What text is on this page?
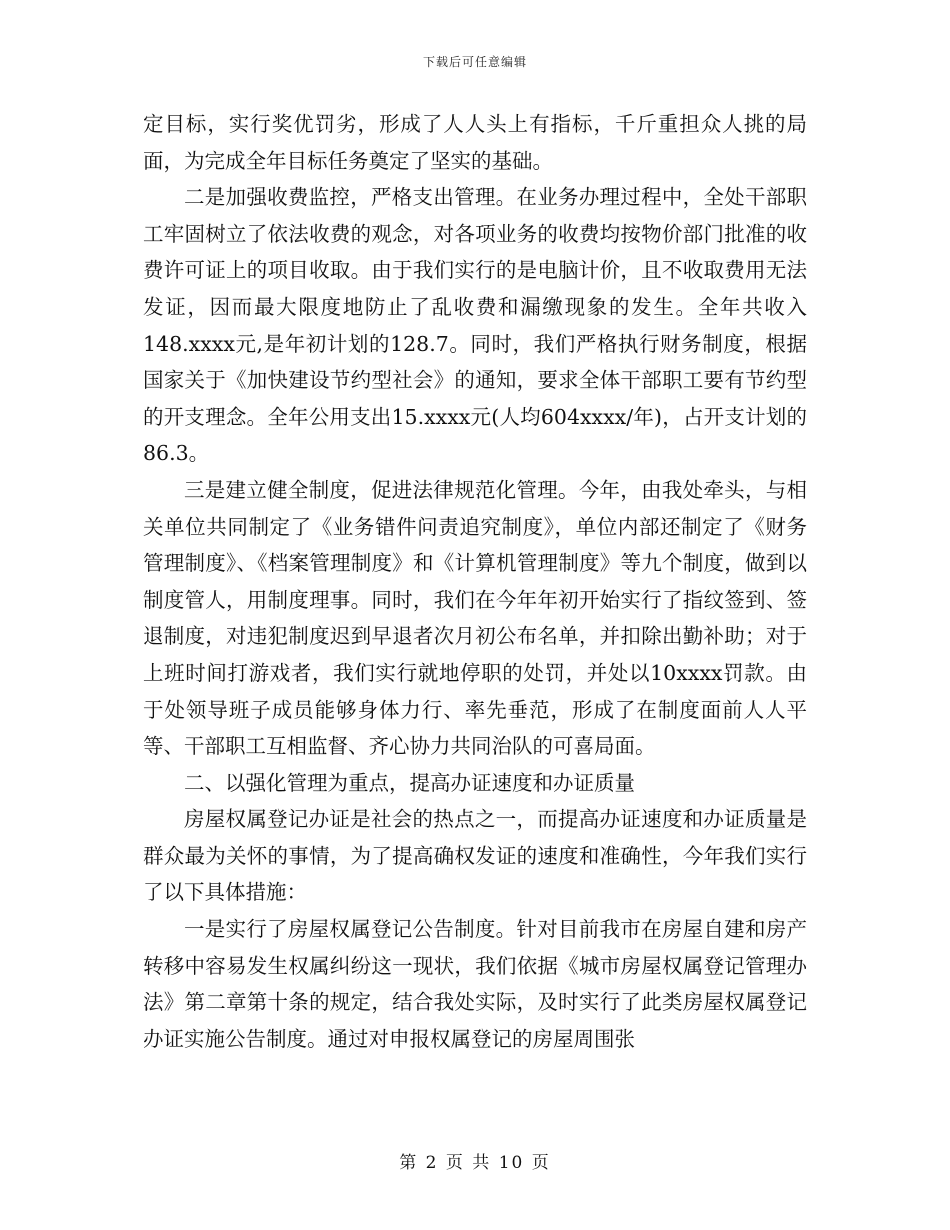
下载后可任意编辑

定目标，实行奖优罚劣，形成了人人头上有指标，千斤重担众人挑的局面，为完成全年目标任务奠定了坚实的基础。

二是加强收费监控，严格支出管理。在业务办理过程中，全处干部职工牢固树立了依法收费的观念，对各项业务的收费均按物价部门批准的收费许可证上的项目收取。由于我们实行的是电脑计价，且不收取费用无法发证，因而最大限度地防止了乱收费和漏缴现象的发生。全年共收入148.xxxx元,是年初计划的128.7。同时，我们严格执行财务制度，根据国家关于《加快建设节约型社会》的通知，要求全体干部职工要有节约型的开支理念。全年公用支出15.xxxx元(人均604xxxx/年)，占开支计划的86.3。

三是建立健全制度，促进法律规范化管理。今年，由我处牵头，与相关单位共同制定了《业务错件问责追究制度》，单位内部还制定了《财务管理制度》、《档案管理制度》和《计算机管理制度》等九个制度，做到以制度管人，用制度理事。同时，我们在今年年初开始实行了指纹签到、签退制度，对违犯制度迟到早退者次月初公布名单，并扣除出勤补助；对于上班时间打游戏者，我们实行就地停职的处罚，并处以10xxxx罚款。由于处领导班子成员能够身体力行、率先垂范，形成了在制度面前人人平等、干部职工互相监督、齐心协力共同治队的可喜局面。

二、以强化管理为重点，提高办证速度和办证质量

房屋权属登记办证是社会的热点之一，而提高办证速度和办证质量是群众最为关怀的事情，为了提高确权发证的速度和准确性，今年我们实行了以下具体措施：

一是实行了房屋权属登记公告制度。针对目前我市在房屋自建和房产转移中容易发生权属纠纷这一现状，我们依据《城市房屋权属登记管理办法》第二章第十条的规定，结合我处实际，及时实行了此类房屋权属登记办证实施公告制度。通过对申报权属登记的房屋周围张

第 2 页 共 10 页
